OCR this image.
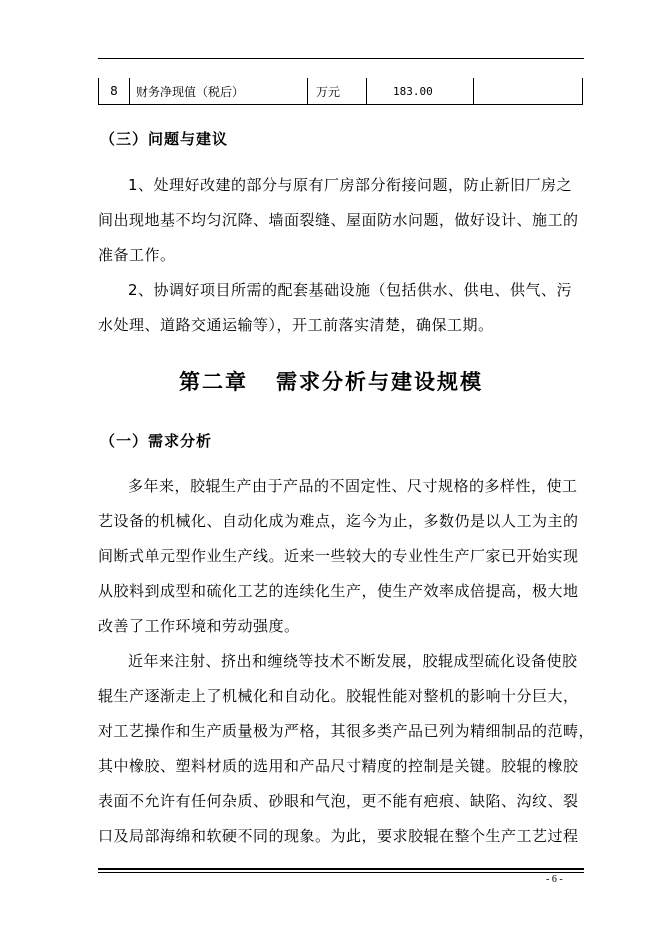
8	财务净现值（税后）	万元	183.00	
（三）问题与建议
1、处理好改建的部分与原有厂房部分衔接问题，防止新旧厂房之
间出现地基不均匀沉降、墙面裂缝、屋面防水问题，做好设计、施工的
准备工作。
2、协调好项目所需的配套基础设施（包括供水、供电、供气、污
水处理、道路交通运输等），开工前落实清楚，确保工期。
第二章 需求分析与建设规模
（一）需求分析
多年来，胶辊生产由于产品的不固定性、尺寸规格的多样性，使工
艺设备的机械化、自动化成为难点，迄今为止，多数仍是以人工为主的
间断式单元型作业生产线。近来一些较大的专业性生产厂家已开始实现
从胶料到成型和硫化工艺的连续化生产，使生产效率成倍提高，极大地
改善了工作环境和劳动强度。
近年来注射、挤出和缠绕等技术不断发展，胶辊成型硫化设备使胶
辊生产逐渐走上了机械化和自动化。胶辊性能对整机的影响十分巨大，
对工艺操作和生产质量极为严格，其很多类产品已列为精细制品的范畴，
其中橡胶、塑料材质的选用和产品尺寸精度的控制是关键。胶辊的橡胶
表面不允许有任何杂质、砂眼和气泡，更不能有疤痕、缺陷、沟纹、裂
口及局部海绵和软硬不同的现象。为此，要求胶辊在整个生产工艺过程
- 6 -
